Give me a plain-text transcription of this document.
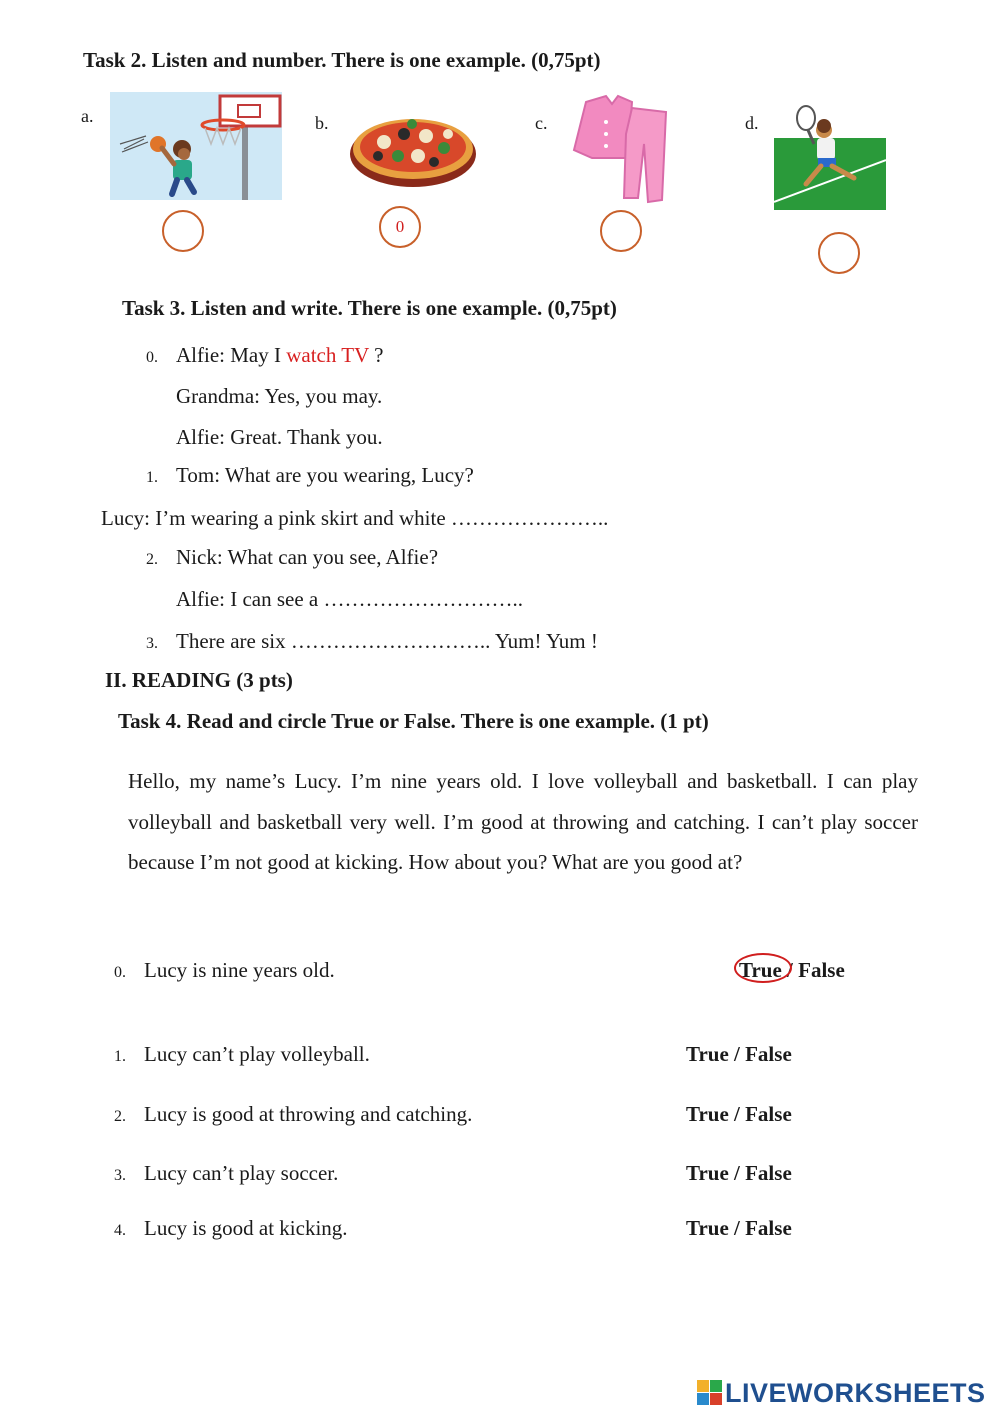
Task 2. Listen and number. There is one example. (0,75pt)
a.	b.	c.	d.
0
Task 3. Listen and write. There is one example. (0,75pt)
0. Alfie: May I watch TV ?
Grandma: Yes, you may.
Alfie: Great. Thank you.
1. Tom: What are you wearing, Lucy?
Lucy: I’m wearing a pink skirt and white …………………..
2. Nick: What can you see, Alfie?
Alfie: I can see a ………………………..
3. There are six ……………………….. Yum! Yum !
II. READING (3 pts)
Task 4. Read and circle True or False. There is one example. (1 pt)
Hello, my name’s Lucy. I’m nine years old. I love volleyball and basketball. I can play volleyball and basketball very well. I’m good at throwing and catching. I can’t play soccer because I’m not good at kicking. How about you? What are you good at?
0. Lucy is nine years old.	True / False
1. Lucy can’t play volleyball.	True / False
2. Lucy is good at throwing and catching.	True / False
3. Lucy can’t play soccer.	True / False
4. Lucy is good at kicking.	True / False
LIVEWORKSHEETS
